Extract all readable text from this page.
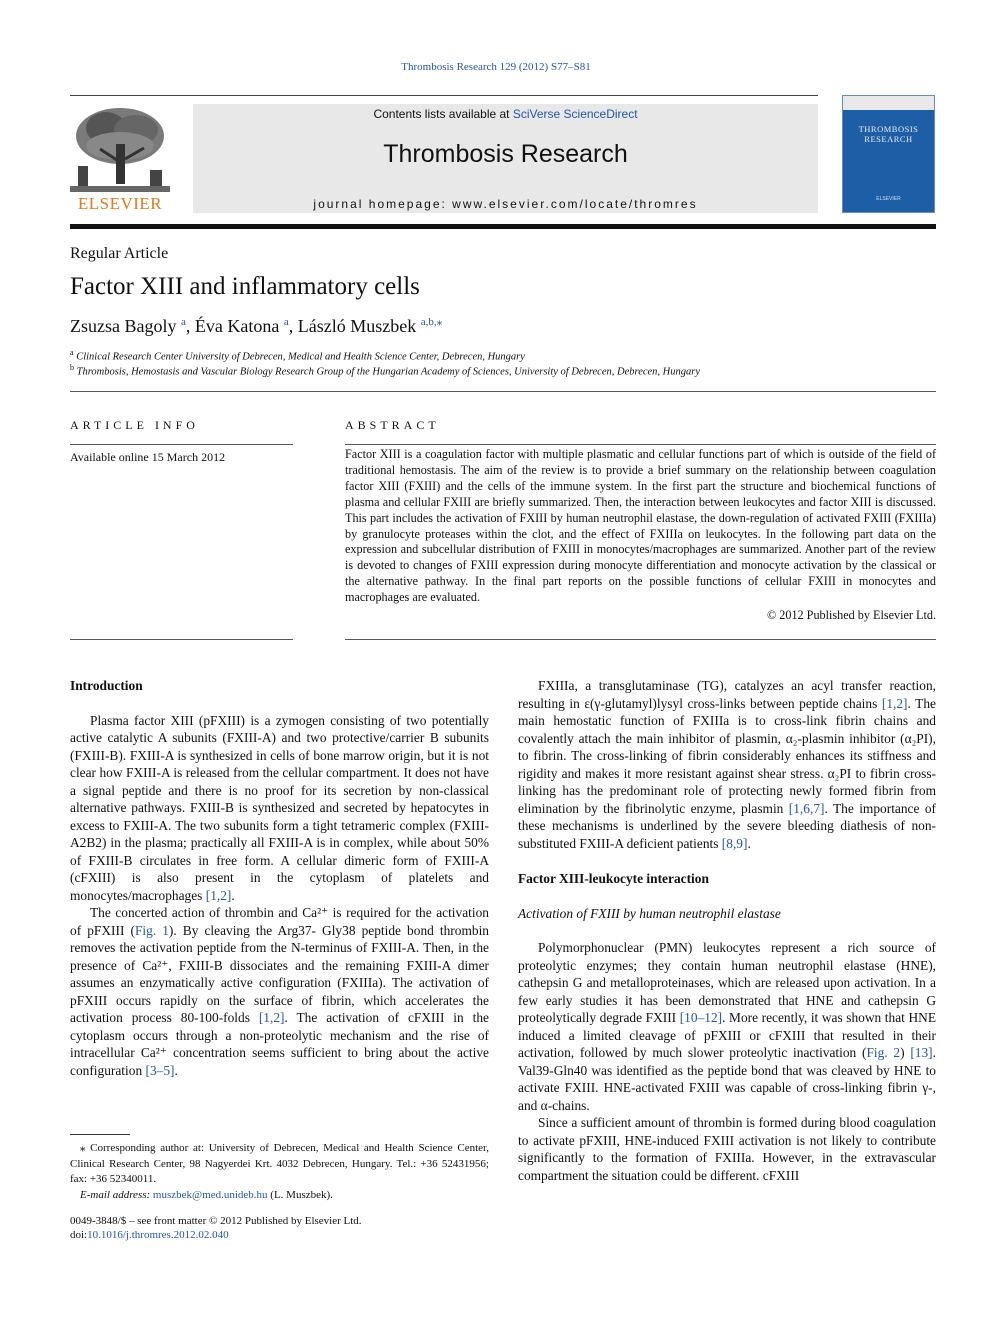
Thrombosis Research 129 (2012) S77–S81
ELSEVIER
Contents lists available at SciVerse ScienceDirect
Thrombosis Research
journal homepage: www.elsevier.com/locate/thromres
THROMBOSIS RESEARCH
ELSEVIER
Regular Article
Factor XIII and inflammatory cells
Zsuzsa Bagoly $^a$, Éva Katona $^a$, László Muszbek $^{a,b,⁎}$
$^a$ Clinical Research Center University of Debrecen, Medical and Health Science Center, Debrecen, Hungary
$^b$ Thrombosis, Hemostasis and Vascular Biology Research Group of the Hungarian Academy of Sciences, University of Debrecen, Debrecen, Hungary
ARTICLE INFO	ABSTRACT
Available online 15 March 2012	Factor XIII is a coagulation factor with multiple plasmatic and cellular functions part of which is outside of the field of traditional hemostasis. The aim of the review is to provide a brief summary on the relationship between coagulation factor XIII (FXIII) and the cells of the immune system. In the first part the structure and biochemical functions of plasma and cellular FXIII are briefly summarized. Then, the interaction between leukocytes and factor XIII is discussed. This part includes the activation of FXIII by human neutrophil elastase, the down-regulation of activated FXIII (FXIIIa) by granulocyte proteases within the clot, and the effect of FXIIIa on leukocytes. In the following part data on the expression and subcellular distribution of FXIII in monocytes/macrophages are summarized. Another part of the review is devoted to changes of FXIII expression during monocyte differentiation and monocyte activation by the classical or the alternative pathway. In the final part reports on the possible functions of cellular FXIII in monocytes and macrophages are evaluated.
© 2012 Published by Elsevier Ltd.
Introduction

Plasma factor XIII (pFXIII) is a zymogen consisting of two potentially active catalytic A subunits (FXIII-A) and two protective/carrier B subunits (FXIII-B). FXIII-A is synthesized in cells of bone marrow origin, but it is not clear how FXIII-A is released from the cellular compartment. It does not have a signal peptide and there is no proof for its secretion by non-classical alternative pathways. FXIII-B is synthesized and secreted by hepatocytes in excess to FXIII-A. The two subunits form a tight tetrameric complex (FXIII-A2B2) in the plasma; practically all FXIII-A is in complex, while about 50% of FXIII-B circulates in free form. A cellular dimeric form of FXIII-A (cFXIII) is also present in the cytoplasm of platelets and monocytes/macrophages [1,2].

The concerted action of thrombin and Ca²⁺ is required for the activation of pFXIII (Fig. 1). By cleaving the Arg37- Gly38 peptide bond thrombin removes the activation peptide from the N-terminus of FXIII-A. Then, in the presence of Ca²⁺, FXIII-B dissociates and the remaining FXIII-A dimer assumes an enzymatically active configuration (FXIIIa). The activation of pFXIII occurs rapidly on the surface of fibrin, which accelerates the activation process 80-100-folds [1,2]. The activation of cFXIII in the cytoplasm occurs through a non-proteolytic mechanism and the rise of intracellular Ca²⁺ concentration seems sufficient to bring about the active configuration [3–5].

FXIIIa, a transglutaminase (TG), catalyzes an acyl transfer reaction, resulting in ε(γ-glutamyl)lysyl cross-links between peptide chains [1,2]. The main hemostatic function of FXIIIa is to cross-link fibrin chains and covalently attach the main inhibitor of plasmin, α₂-plasmin inhibitor (α₂PI), to fibrin. The cross-linking of fibrin considerably enhances its stiffness and rigidity and makes it more resistant against shear stress. α₂PI to fibrin cross-linking has the predominant role of protecting newly formed fibrin from elimination by the fibrinolytic enzyme, plasmin [1,6,7]. The importance of these mechanisms is underlined by the severe bleeding diathesis of non-substituted FXIII-A deficient patients [8,9].

Factor XIII-leukocyte interaction
Activation of FXIII by human neutrophil elastase

Polymorphonuclear (PMN) leukocytes represent a rich source of proteolytic enzymes; they contain human neutrophil elastase (HNE), cathepsin G and metalloproteinases, which are released upon activation. In a few early studies it has been demonstrated that HNE and cathepsin G proteolytically degrade FXIII [10–12]. More recently, it was shown that HNE induced a limited cleavage of pFXIII or cFXIII that resulted in their activation, followed by much slower proteolytic inactivation (Fig. 2) [13]. Val39-Gln40 was identified as the peptide bond that was cleaved by HNE to activate FXIII. HNE-activated FXIII was capable of cross-linking fibrin γ-, and α-chains.

Since a sufficient amount of thrombin is formed during blood coagulation to activate pFXIII, HNE-induced FXIII activation is not likely to contribute significantly to the formation of FXIIIa. However, in the extravascular compartment the situation could be different. cFXIII

⁎ Corresponding author at: University of Debrecen, Medical and Health Science Center, Clinical Research Center, 98 Nagyerdei Krt. 4032 Debrecen, Hungary. Tel.: +36 52431956; fax: +36 52340011.

E-mail address: muszbek@med.unideb.hu (L. Muszbek).

0049-3848/$ – see front matter © 2012 Published by Elsevier Ltd.
doi:10.1016/j.thromres.2012.02.040
